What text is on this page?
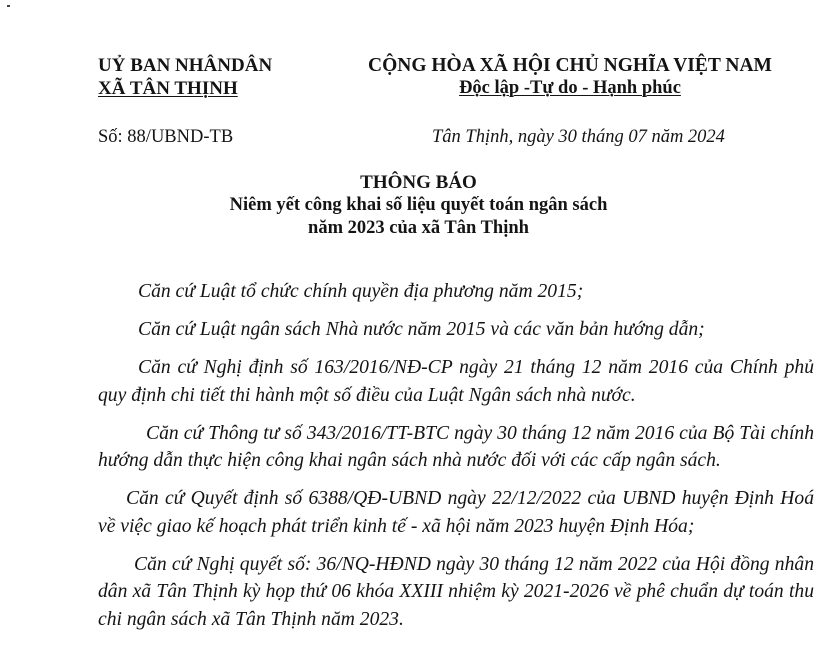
UỶ BAN NHÂNDÂN
XÃ TÂN THỊNH
CỘNG HÒA XÃ HỘI CHỦ NGHĨA VIỆT NAM
Độc lập -Tự do - Hạnh phúc
Số: 88/UBND-TB	Tân Thịnh, ngày 30 tháng 07 năm 2024
THÔNG BÁO
Niêm yết công khai số liệu quyết toán ngân sách
năm 2023 của xã Tân Thịnh

Căn cứ Luật tổ chức chính quyền địa phương năm 2015;

Căn cứ Luật ngân sách Nhà nước năm 2015 và các văn bản hướng dẫn;

Căn cứ Nghị định số 163/2016/NĐ-CP ngày 21 tháng 12 năm 2016 của Chính phủ quy định chi tiết thi hành một số điều của Luật Ngân sách nhà nước.

Căn cứ Thông tư số 343/2016/TT-BTC ngày 30 tháng 12 năm 2016 của Bộ Tài chính hướng dẫn thực hiện công khai ngân sách nhà nước đối với các cấp ngân sách.

Căn cứ Quyết định số 6388/QĐ-UBND ngày 22/12/2022 của UBND huyện Định Hoá về việc giao kế hoạch phát triển kinh tế - xã hội năm 2023 huyện Định Hóa;

Căn cứ Nghị quyết số: 36/NQ-HĐND ngày 30 tháng 12 năm 2022 của Hội đồng nhân dân xã Tân Thịnh kỳ họp thứ 06 khóa XXIII nhiệm kỳ 2021-2026 về phê chuẩn dự toán thu chi ngân sách xã Tân Thịnh năm 2023.
